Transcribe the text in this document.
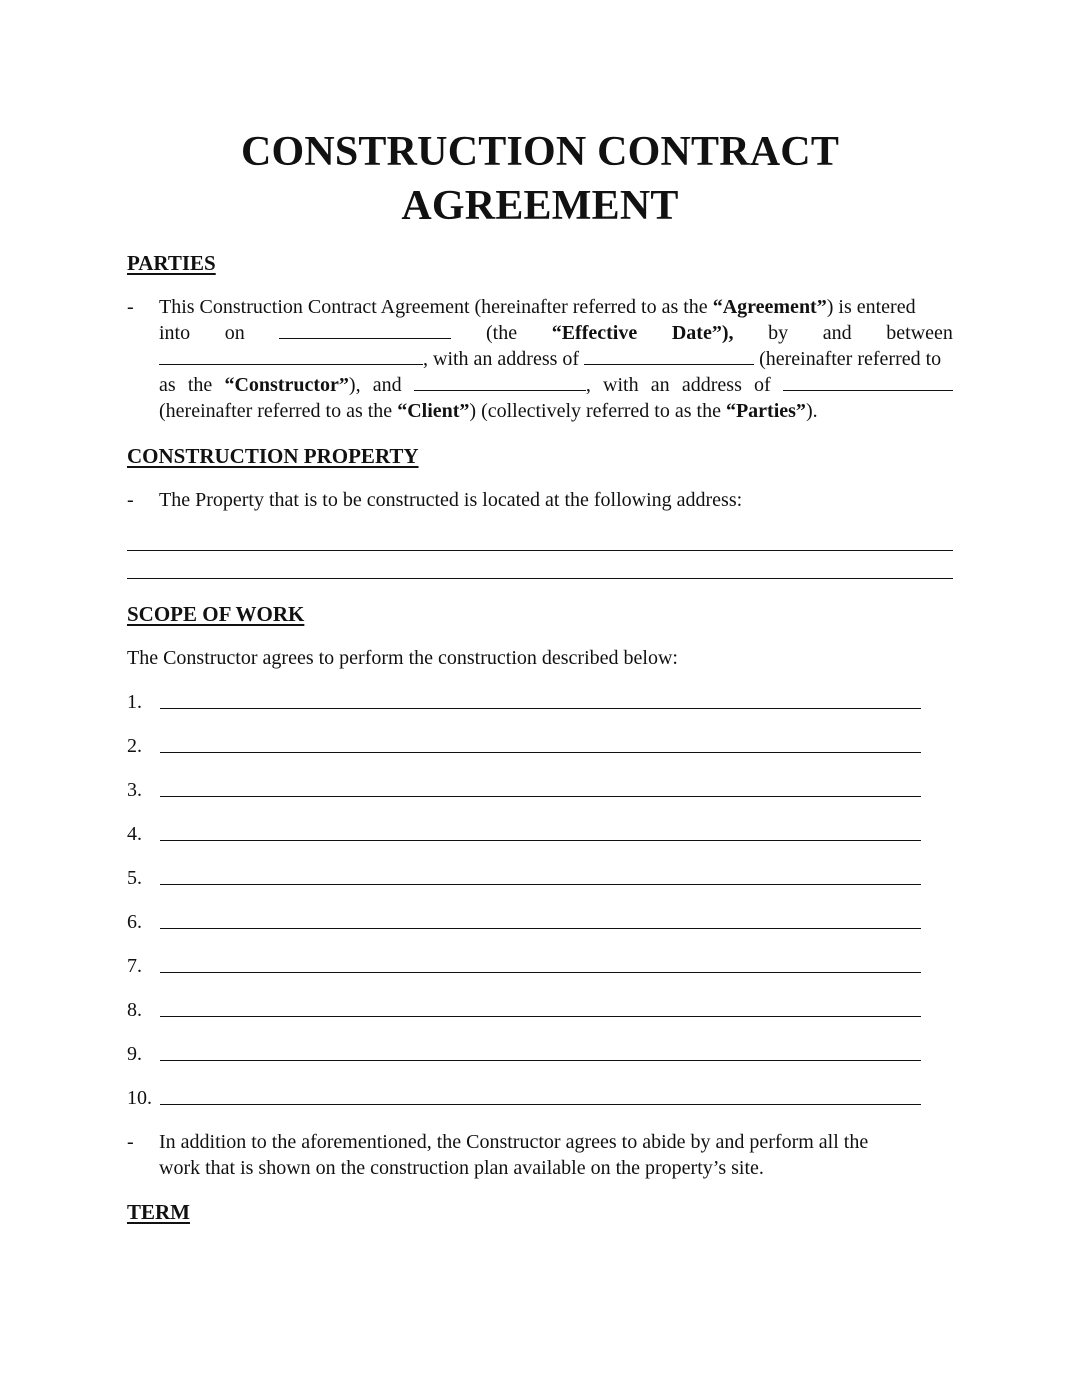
CONSTRUCTION CONTRACT
AGREEMENT
PARTIES
- This Construction Contract Agreement (hereinafter referred to as the “Agreement”) is entered
into on	(the “Effective Date”), by and between
, with an address of	(hereinafter referred to
as the “Constructor”), and	, with an address of
(hereinafter referred to as the “Client”) (collectively referred to as the “Parties”).
CONSTRUCTION PROPERTY
- The Property that is to be constructed is located at the following address:
SCOPE OF WORK
The Constructor agrees to perform the construction described below:
1.
2.
3.
4.
5.
6.
7.
8.
9.
10.
- In addition to the aforementioned, the Constructor agrees to abide by and perform all the
work that is shown on the construction plan available on the property’s site.
TERM
